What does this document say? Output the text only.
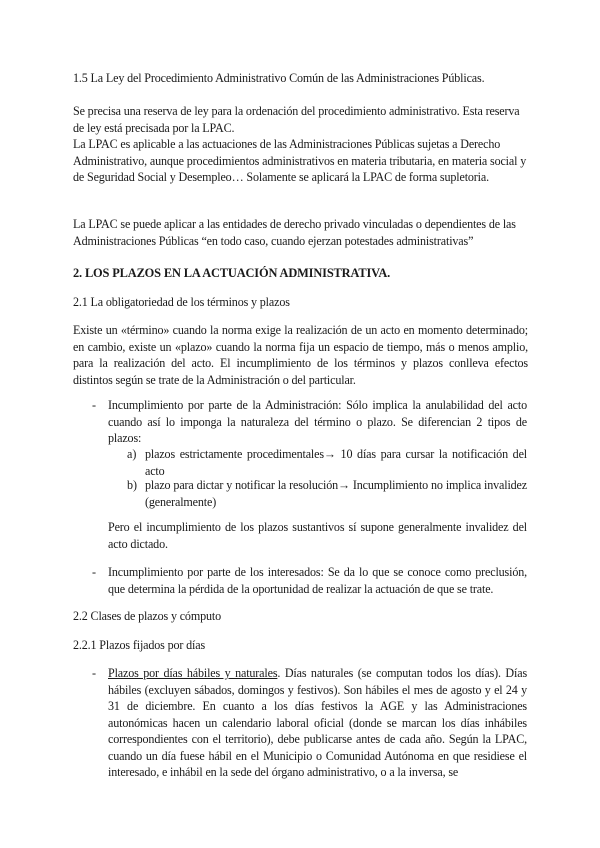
1.5 La Ley del Procedimiento Administrativo Común de las Administraciones Públicas.
Se precisa una reserva de ley para la ordenación del procedimiento administrativo. Esta reserva de ley está precisada por la LPAC.
La LPAC es aplicable a las actuaciones de las Administraciones Públicas sujetas a Derecho Administrativo, aunque procedimientos administrativos en materia tributaria, en materia social y de Seguridad Social y Desempleo… Solamente se aplicará la LPAC de forma supletoria.
La LPAC se puede aplicar a las entidades de derecho privado vinculadas o dependientes de las Administraciones Públicas “en todo caso, cuando ejerzan potestades administrativas”
2. LOS PLAZOS EN LA ACTUACIÓN ADMINISTRATIVA.
2.1 La obligatoriedad de los términos y plazos
Existe un «término» cuando la norma exige la realización de un acto en momento determinado; en cambio, existe un «plazo» cuando la norma fija un espacio de tiempo, más o menos amplio, para la realización del acto. El incumplimiento de los términos y plazos conlleva efectos distintos según se trate de la Administración o del particular.
- Incumplimiento por parte de la Administración: Sólo implica la anulabilidad del acto cuando así lo imponga la naturaleza del término o plazo. Se diferencian 2 tipos de plazos:
a) plazos estrictamente procedimentales→ 10 días para cursar la notificación del acto
b) plazo para dictar y notificar la resolución→ Incumplimiento no implica invalidez (generalmente)
Pero el incumplimiento de los plazos sustantivos sí supone generalmente invalidez del acto dictado.
- Incumplimiento por parte de los interesados: Se da lo que se conoce como preclusión, que determina la pérdida de la oportunidad de realizar la actuación de que se trate.
2.2 Clases de plazos y cómputo
2.2.1 Plazos fijados por días
- Plazos por días hábiles y naturales. Días naturales (se computan todos los días). Días hábiles (excluyen sábados, domingos y festivos). Son hábiles el mes de agosto y el 24 y 31 de diciembre. En cuanto a los días festivos la AGE y las Administraciones autonómicas hacen un calendario laboral oficial (donde se marcan los días inhábiles correspondientes con el territorio), debe publicarse antes de cada año. Según la LPAC, cuando un día fuese hábil en el Municipio o Comunidad Autónoma en que residiese el interesado, e inhábil en la sede del órgano administrativo, o a la inversa, se
